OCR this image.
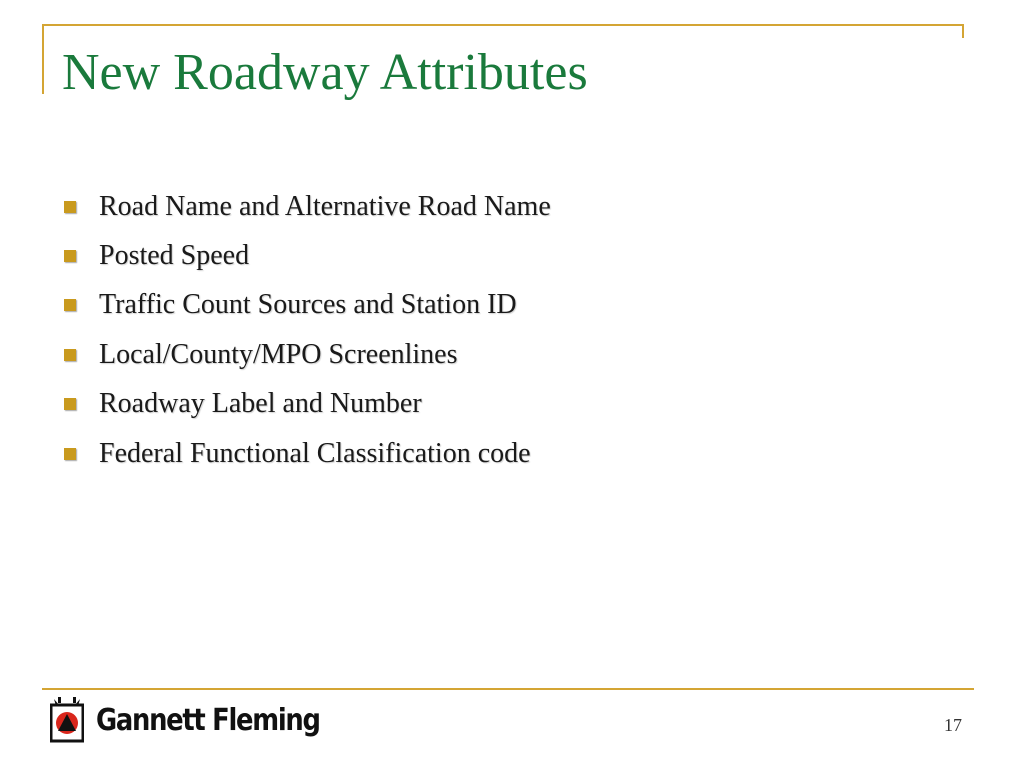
New Roadway Attributes
Road Name and Alternative Road Name
Posted Speed
Traffic Count Sources and Station ID
Local/County/MPO Screenlines
Roadway Label and Number
Federal Functional Classification code
Gannett Fleming	17
